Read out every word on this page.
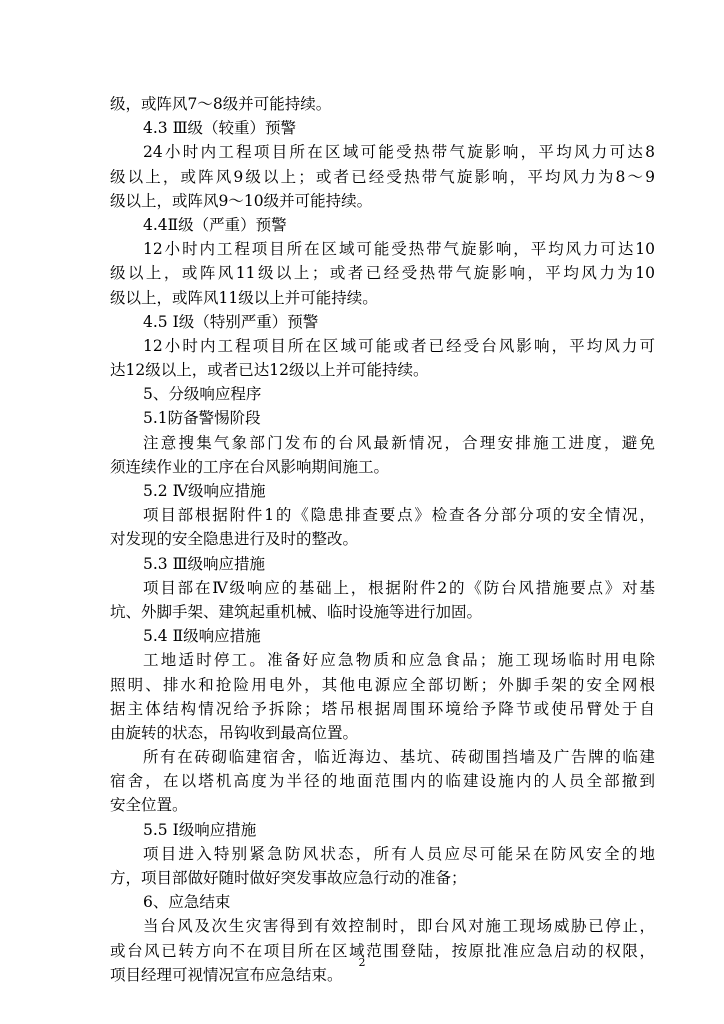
级，或阵风7～8级并可能持续。
4.3 Ⅲ级（较重）预警
24小时内工程项目所在区域可能受热带气旋影响，平均风力可达8
级以上，或阵风9级以上；或者已经受热带气旋影响，平均风力为8～9
级以上，或阵风9～10级并可能持续。
4.4Ⅱ级（严重）预警
12小时内工程项目所在区域可能受热带气旋影响，平均风力可达10
级以上，或阵风11级以上；或者已经受热带气旋影响，平均风力为10
级以上，或阵风11级以上并可能持续。
4.5 Ⅰ级（特别严重）预警
12小时内工程项目所在区域可能或者已经受台风影响，平均风力可
达12级以上，或者已达12级以上并可能持续。
5、分级响应程序
5.1防备警惕阶段
注意搜集气象部门发布的台风最新情况，合理安排施工进度，避免
须连续作业的工序在台风影响期间施工。
5.2 Ⅳ级响应措施
项目部根据附件1的《隐患排查要点》检查各分部分项的安全情况，
对发现的安全隐患进行及时的整改。
5.3 Ⅲ级响应措施
项目部在Ⅳ级响应的基础上，根据附件2的《防台风措施要点》对基
坑、外脚手架、建筑起重机械、临时设施等进行加固。
5.4 Ⅱ级响应措施
工地适时停工。准备好应急物质和应急食品；施工现场临时用电除
照明、排水和抢险用电外，其他电源应全部切断；外脚手架的安全网根
据主体结构情况给予拆除；塔吊根据周围环境给予降节或使吊臂处于自
由旋转的状态，吊钩收到最高位置。
所有在砖砌临建宿舍，临近海边、基坑、砖砌围挡墙及广告牌的临建
宿舍，在以塔机高度为半径的地面范围内的临建设施内的人员全部撤到
安全位置。
5.5 Ⅰ级响应措施
项目进入特别紧急防风状态，所有人员应尽可能呆在防风安全的地
方，项目部做好随时做好突发事故应急行动的准备；
6、应急结束
当台风及次生灾害得到有效控制时，即台风对施工现场威胁已停止，
或台风已转方向不在项目所在区域范围登陆，按原批准应急启动的权限，
项目经理可视情况宣布应急结束。
2
